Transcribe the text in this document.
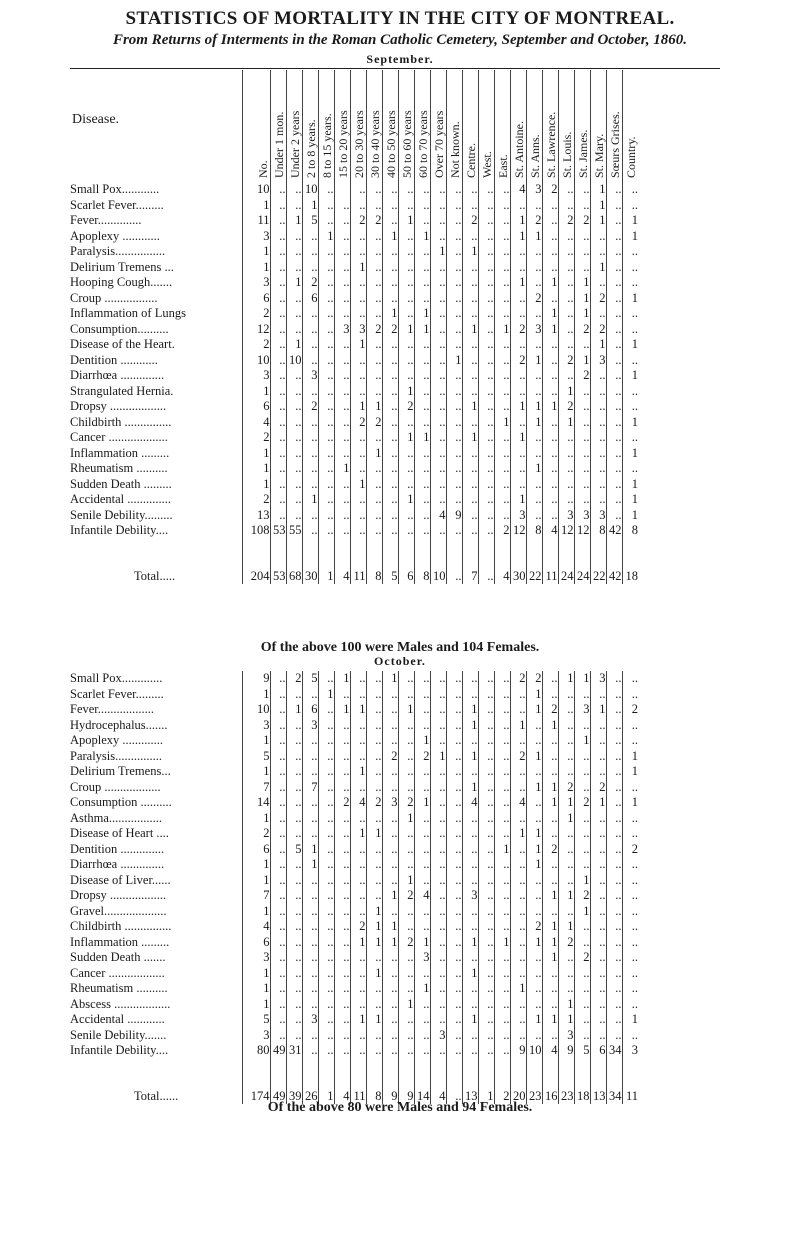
STATISTICS OF MORTALITY IN THE CITY OF MONTREAL.
From Returns of Interments in the Roman Catholic Cemetery, September and October, 1860.
September.
Disease.	No.	Under 1 mon.	Under 2 years	2 to 8 years.	8 to 15 years.	15 to 20 years	20 to 30 years	30 to 40 years	40 to 50 years	50 to 60 years	60 to 70 years	Over 70 years	Not known.	Centre.	West.	East.	St. Antoine.	St. Anns.	St. Lawrence.	St. Louis.	St. James.	St. Mary.	Sœurs Grises.	Country.
Small Pox............	10	..	..	10	..		..	..	..	..	..	..	..	..	..	..	4	3	2	..	..	1	..	..
Scarlet Fever.........	1	..	..	1	..	..	..	..	..	..	..	..	..	..	..	..	..	..	..	..	..	1	..	..
Fever..............	11	..	1	5	..	..	2	2	..	1	..	..	..	2	..	..	1	2	..	2	2	1	..	1
Apoplexy ............	3	..	..	..	1	..	..	..	1	..	1	..	..	..	..	..	1	1	..	..	..	..	..	1
Paralysis................	1	..	..	..	..	..	..	..	..	..	..	1	..	1	..	..	..	..	..	..	..	..	..	..
Delirium Tremens ...	1	..	..	..	..	..	1	..	..	..	..	..	..	..	..	..	..	..	..	..	..	1	..	..
Hooping Cough.......	3	..	1	2	..	..	..	..	..	..	..	..	..	..	..	..	1	..	1	..	1	..	..	..
Croup .................	6	..	..	6	..	..	..	..	..	..	..	..	..	..	..	..	..	2	..	..	1	2	..	1
Inflammation of Lungs	2	..	..	..	..	..	..	..	1	..	1	..	..	..	..	..	..	..	1	..	1	..	..	..
Consumption..........	12	..	..	..	..	3	3	2	2	1	1	..	..	1	..	1	2	3	1	..	2	2	..	..
Disease of the Heart.	2	..	1	..	..	..	1	..	..	..	..	..	..	..	..	..	..	..	..	..	..	1	..	1
Dentition ............	10	..	10	..	..	..	..	..	..	..	..	..	1	..	..	..	2	1	..	2	1	3	..	..
Diarrhœa ..............	3	..	..	3	..	..	..	..	..	..	..	..	..	..	..	..	..	..	..	..	2	..	..	1
Strangulated Hernia.	1	..	..	..	..	..	..	..	..	1	..	..	..	..	..	..	..	..	..	1	..	..	..	..
Dropsy ..................	6	..	..	2	..	..	1	1	..	2	..	..	..	1	..	..	1	1	1	2	..	..	..	..
Childbirth ...............	4	..	..	..	..	..	2	2	..	..	..	..	..	..	..	1	..	1	..	1	..	..	..	1
Cancer ...................	2	..	..	..	..	..	..	..	..	1	1	..	..	1	..	..	1	..	..	..	..	..	..	..
Inflammation .........	1	..	..	..	..	..	..	1	..	..	..	..	..	..	..	..	..	..	..	..	..	..	..	1
Rheumatism ..........	1	..	..	..	..	1	..	..	..	..	..	..	..	..	..	..	..	1	..	..	..	..	..	..
Sudden Death .........	1	..	..	..	..	..	1	..	..	..	..	..	..	..	..	..	..	..	..	..	..	..	..	1
Accidental ..............	2	..	..	1	..	..	..	..	..	1	..	..	..	..	..	..	1	..	..	..	..	..	..	1
Senile Debility.........	13	..	..	..	..	..	..	..	..	..	..	4	9	..	..	..	3	..	..	3	3	3	..	1
Infantile Debility....	108	53	55	..	..	..	..	..	..	..	..	..	..	..	..	2	12	8	4	12	12	8	42	8

Total.....	204	53	68	30	1	4	11	8	5	6	8	10	..	7	..	4	30	22	11	24	24	22	42	18
Of the above 100 were Males and 104 Females.
October.
Small Pox.............	9	..	2	5	..	1	..	..	1	..	..	..	..	..	..	..	2	2	..	1	1	3	..	..
Scarlet Fever.........	1	..	..	..	1	..	..	..	..	..	..	..	..	..	..	..	..	1	..	..	..	..	..	..
Fever..................	10	..	1	6	..	1	1	..	..	1	..	..	..	1	..	..	..	1	2	..	3	1	..	2
Hydrocephalus.......	3	..	..	3	..	..	..	..	..	..	..	..	..	1	..	..	1	..	1	..	..	..	..	..
Apoplexy .............	1	..	..	..	..	..	..	..	..	..	1	..	..	..	..	..	..	..	..	..	1	..	..	..
Paralysis...............	5	..	..	..	..	..	..	..	2	..	2	1	..	1	..	..	2	1	..	..	..	..	..	1
Delirium Tremens...	1	..	..	..	..	..	1	..	..	..	..	..	..	..	..	..	..	..	..	..	..	..	..	1
Croup ..................	7	..	..	7	..	..	..	..	..	..	..	..	..	1	..	..	..	1	1	2	..	2	..	..
Consumption ..........	14	..	..	..	..	2	4	2	3	2	1	..	..	4	..	..	4	..	1	1	2	1	..	1
Asthma.................	1	..	..	..	..	..	..	..	..	1	..	..	..	..	..	..	..	..	..	1	..	..	..	..
Disease of Heart ....	2	..	..	..	..	..	1	1	..	..	..	..	..	..	..	..	1	1	..	..	..	..	..	..
Dentition ..............	6	..	5	1	..	..	..	..	..	..	..	..	..	..	..	1	..	1	2	..	..	..	..	2
Diarrhœa ..............	1	..	..	1	..	..	..	..	..	..	..	..	..	..	..	..	..	1	..	..	..	..	..	..
Disease of Liver......	1	..	..	..	..	..	..	..	..	1	..	..	..	..	..	..	..	..	..	..	1	..	..	..
Dropsy ..................	7	..	..	..	..	..	..	..	1	2	4	..	..	3	..	..	..	..	1	1	2	..	..	..
Gravel....................	1	..	..	..	..	..	..	1	..	..	..	..	..	..	..	..	..	..	..	..	1	..	..	..
Childbirth ...............	4	..	..	..	..	..	2	1	1	..	..	..	..	..	..	..	..	2	1	1	..	..	..	..
Inflammation .........	6	..	..	..	..	..	1	1	1	2	1	..	..	1	..	1	..	1	1	2	..	..	..	..
Sudden Death .......	3	..	..	..	..	..	..	..	..	..	3	..	..	..	..	..	..	..	1	..	2	..	..	..
Cancer ..................	1	..	..	..	..	..	..	1	..	..	..	..	..	1	..	..	..	..	..	..	..	..	..	..
Rheumatism ..........	1	..	..	..	..	..	..	..	..	..	1	..	..	..	..	..	1	..	..	..	..	..	..	..
Abscess ..................	1	..	..	..	..	..	..	..	..	1	..	..	..	..	..	..	..	..	..	1	..	..	..	..
Accidental ............	5	..	..	3	..	..	1	1	..	..	..	..	..	1	..	..	..	1	1	1	..	..	..	1
Senile Debility.......	3	..	..	..	..	..	..	..	..	..	..	3	..	..	..	..	..	..	..	3	..	..	..	..
Infantile Debility....	80	49	31	..	..	..	..	..	..	..	..	..	..	..	..	..	9	10	4	9	5	6	34	3

Total......	174	49	39	26	1	4	11	8	9	9	14	4	..	13	1	2	20	23	16	23	18	13	34	11
Of the above 80 were Males and 94 Females.
